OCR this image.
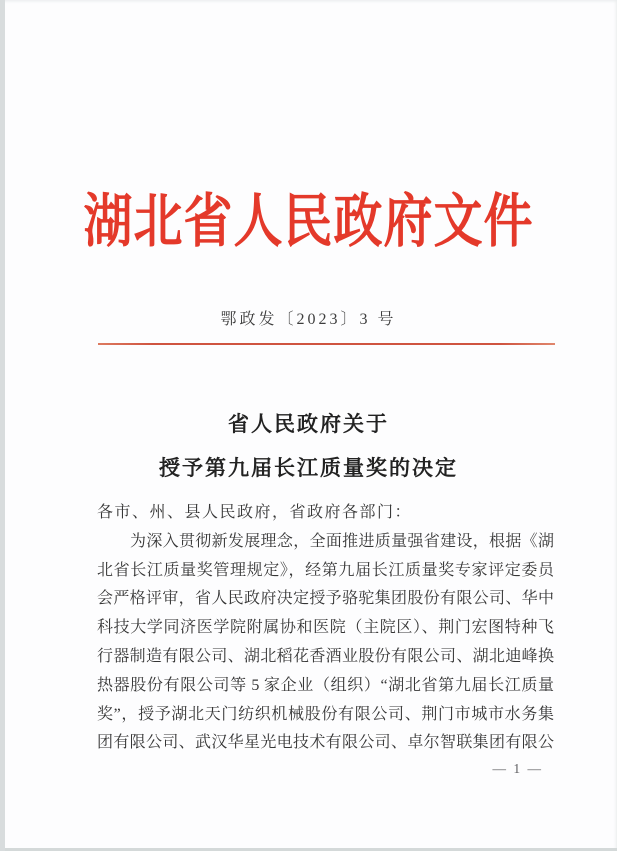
湖北省人民政府文件
鄂政发〔2023〕3 号
省人民政府关于
授予第九届长江质量奖的决定
各市、州、县人民政府，省政府各部门：
为深入贯彻新发展理念，全面推进质量强省建设，根据《湖
北省长江质量奖管理规定》，经第九届长江质量奖专家评定委员
会严格评审，省人民政府决定授予骆驼集团股份有限公司、华中
科技大学同济医学院附属协和医院（主院区）、荆门宏图特种飞
行器制造有限公司、湖北稻花香酒业股份有限公司、湖北迪峰换
热器股份有限公司等 5 家企业（组织）“湖北省第九届长江质量
奖”，授予湖北天门纺织机械股份有限公司、荆门市城市水务集
团有限公司、武汉华星光电技术有限公司、卓尔智联集团有限公
— 1 —
